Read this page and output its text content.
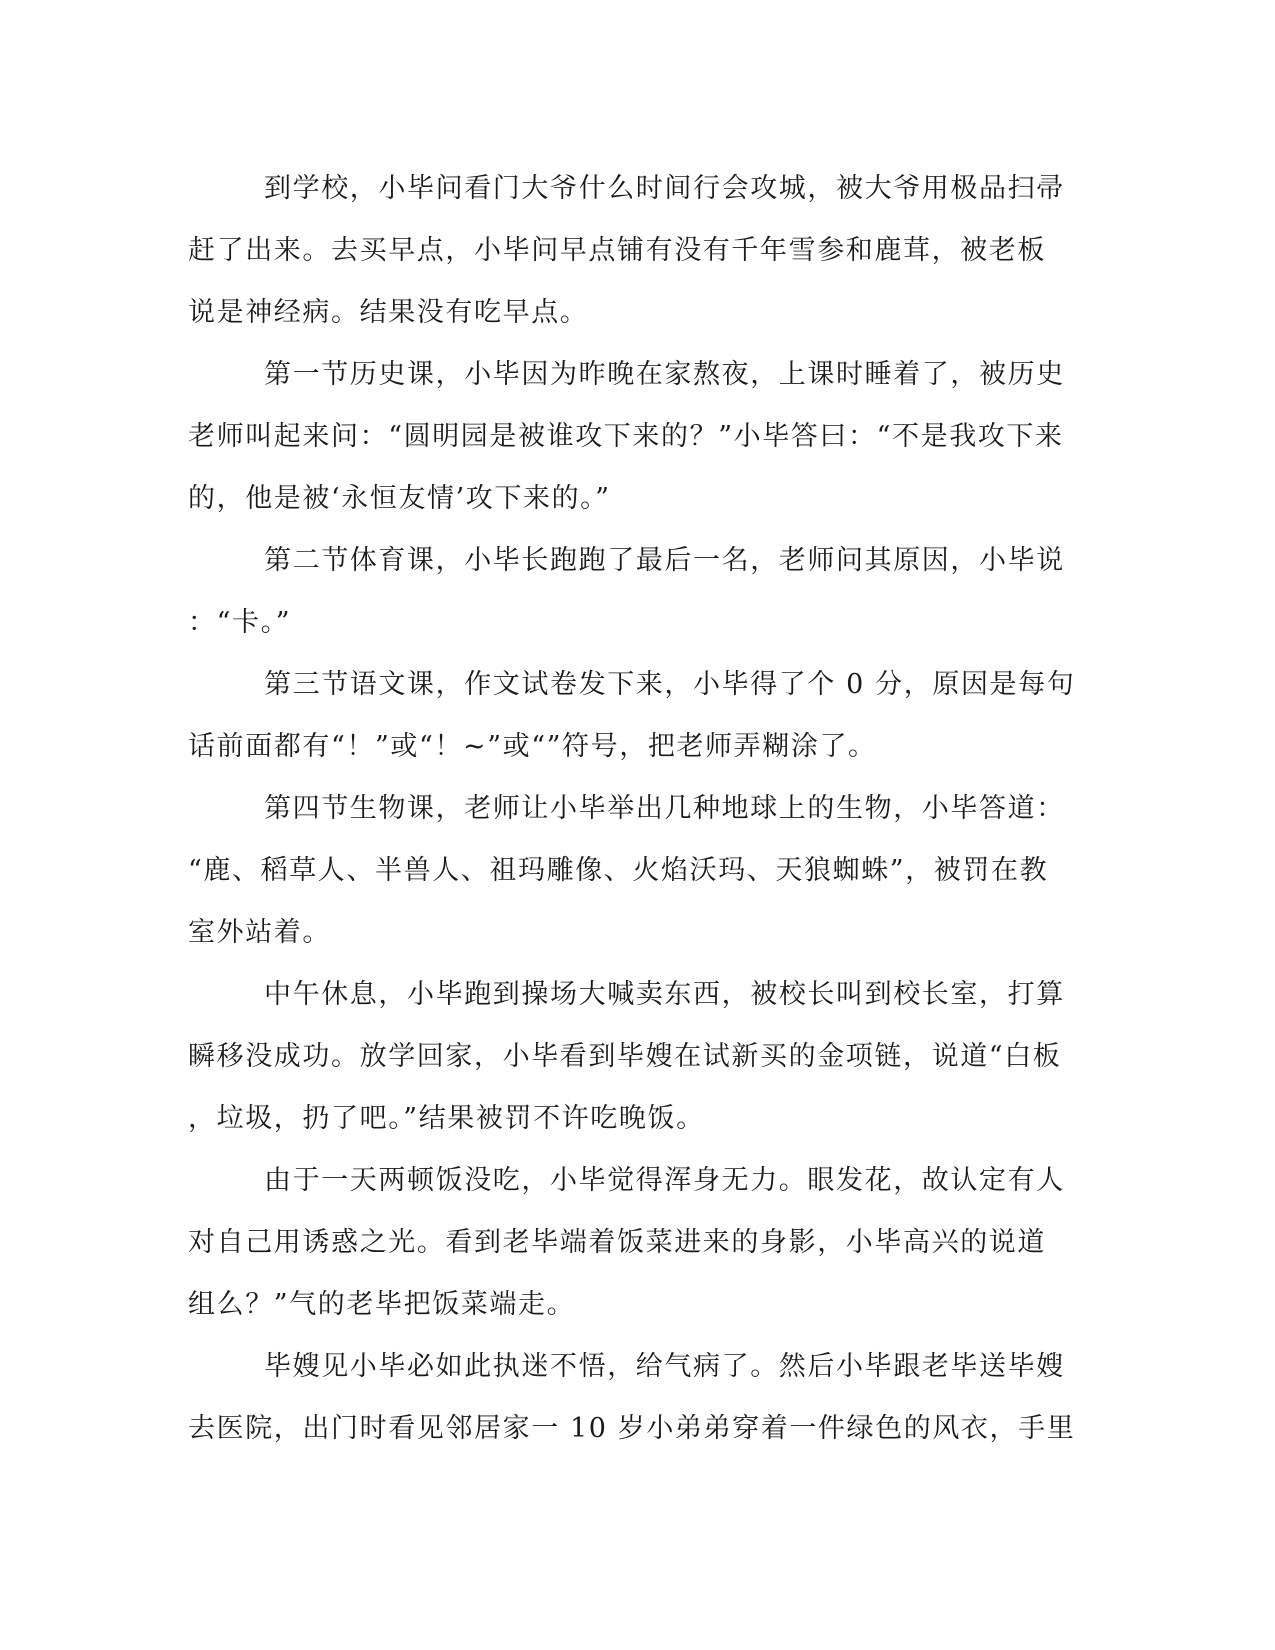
到学校，小毕问看门大爷什么时间行会攻城，被大爷用极品扫帚
赶了出来。去买早点，小毕问早点铺有没有千年雪参和鹿茸，被老板
说是神经病。结果没有吃早点。
第一节历史课，小毕因为昨晚在家熬夜，上课时睡着了，被历史
老师叫起来问：“圆明园是被谁攻下来的？”小毕答曰：“不是我攻下来
的，他是被‘永恒友情’攻下来的。”
第二节体育课，小毕长跑跑了最后一名，老师问其原因，小毕说
：“卡。”
第三节语文课，作文试卷发下来，小毕得了个 0 分，原因是每句
话前面都有“！”或“！~”或“”符号，把老师弄糊涂了。
第四节生物课，老师让小毕举出几种地球上的生物，小毕答道：
“鹿、稻草人、半兽人、祖玛雕像、火焰沃玛、天狼蜘蛛”，被罚在教
室外站着。
中午休息，小毕跑到操场大喊卖东西，被校长叫到校长室，打算
瞬移没成功。放学回家，小毕看到毕嫂在试新买的金项链，说道“白板
，垃圾，扔了吧。”结果被罚不许吃晚饭。
由于一天两顿饭没吃，小毕觉得浑身无力。眼发花，故认定有人
对自己用诱惑之光。看到老毕端着饭菜进来的身影，小毕高兴的说道
组么？”气的老毕把饭菜端走。
毕嫂见小毕必如此执迷不悟，给气病了。然后小毕跟老毕送毕嫂
去医院，出门时看见邻居家一 10 岁小弟弟穿着一件绿色的风衣，手里
